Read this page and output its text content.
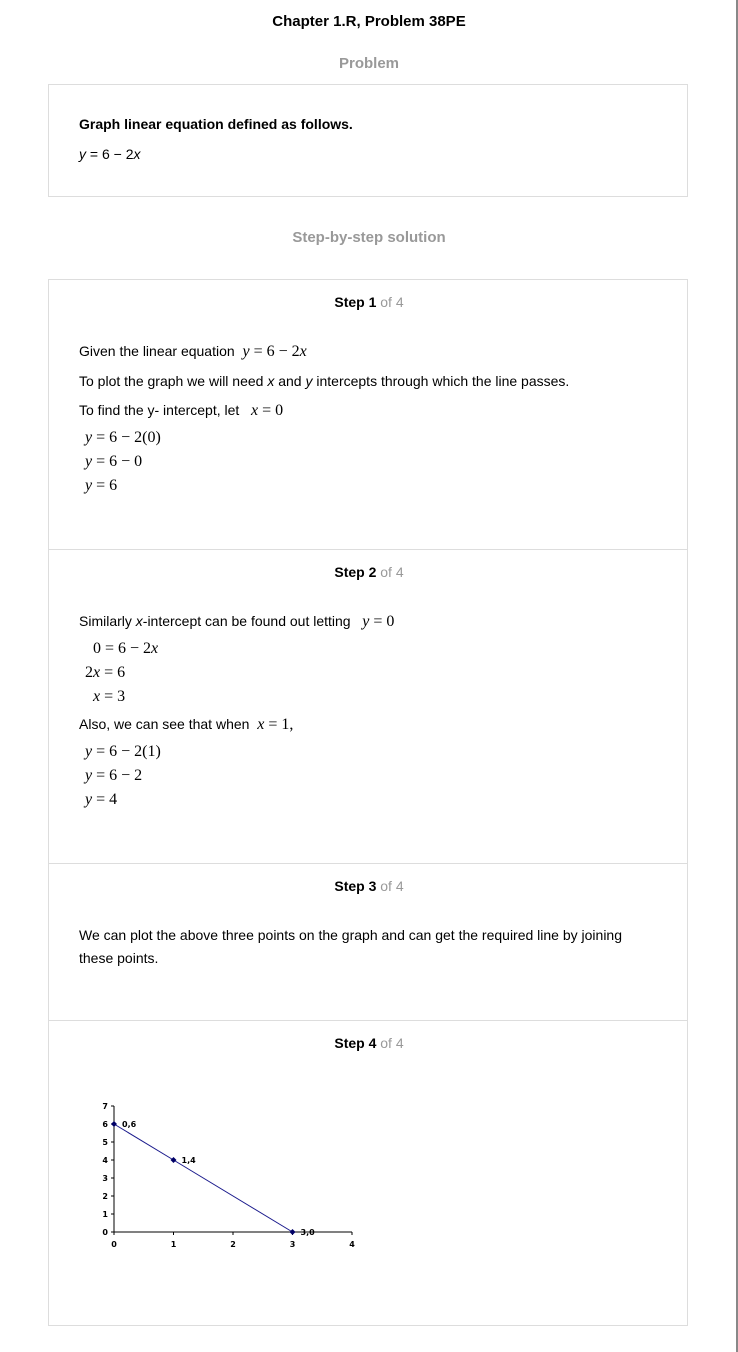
Chapter 1.R, Problem 38PE
Problem
Graph linear equation defined as follows.
y = 6 − 2x
Step-by-step solution
Step 1 of 4
Given the linear equation y = 6 − 2x
To plot the graph we will need x and y intercepts through which the line passes.
To find the y- intercept, let x = 0
y = 6 − 2(0)
y = 6 − 0
y = 6
Step 2 of 4
Similarly x-intercept can be found out letting   y = 0
0 = 6 − 2x
2x = 6
x = 3
Also, we can see that when x = 1,
y = 6 − 2(1)
y = 6 − 2
y = 4
Step 3 of 4
We can plot the above three points on the graph and can get the required line by joining
these points.
Step 4 of 4
0	1	2	3	4
0
1
2
3
4
5
6
7
0,6
1,4
3,0
